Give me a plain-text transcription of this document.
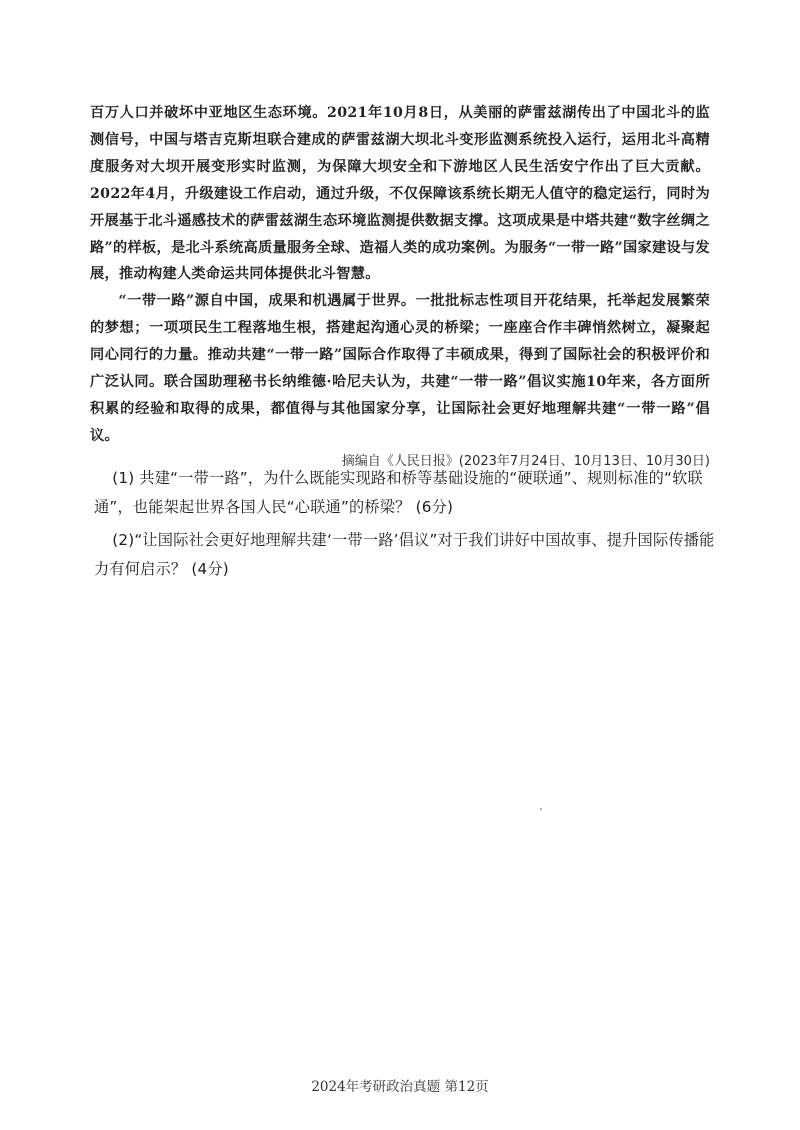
百万人口并破坏中亚地区生态环境。2021年10月8日，从美丽的萨雷兹湖传出了中国北斗的监测信号，中国与塔吉克斯坦联合建成的萨雷兹湖大坝北斗变形监测系统投入运行，运用北斗高精度服务对大坝开展变形实时监测，为保障大坝安全和下游地区人民生活安宁作出了巨大贡献。2022年4月，升级建设工作启动，通过升级，不仅保障该系统长期无人值守的稳定运行，同时为开展基于北斗遥感技术的萨雷兹湖生态环境监测提供数据支撑。这项成果是中塔共建“数字丝绸之路”的样板，是北斗系统高质量服务全球、造福人类的成功案例。为服务“一带一路”国家建设与发展，推动构建人类命运共同体提供北斗智慧。

“一带一路”源自中国，成果和机遇属于世界。一批批标志性项目开花结果，托举起发展繁荣的梦想；一项项民生工程落地生根，搭建起沟通心灵的桥梁；一座座合作丰碑悄然树立，凝聚起同心同行的力量。推动共建“一带一路”国际合作取得了丰硕成果，得到了国际社会的积极评价和广泛认同。联合国助理秘书长纳维德·哈尼夫认为，共建“一带一路”倡议实施10年来，各方面所积累的经验和取得的成果，都值得与其他国家分享，让国际社会更好地理解共建“一带一路”倡议。

摘编自《人民日报》(2023年7月24日、10月13日、10月30日)

(1) 共建“一带一路”，为什么既能实现路和桥等基础设施的“硬联通”、规则标准的“软联通”，也能架起世界各国人民“心联通”的桥梁？ (6分)

(2)“让国际社会更好地理解共建‘一带一路’倡议”对于我们讲好中国故事、提升国际传播能力有何启示？ (4分)

2024年考研政治真题 第12页
